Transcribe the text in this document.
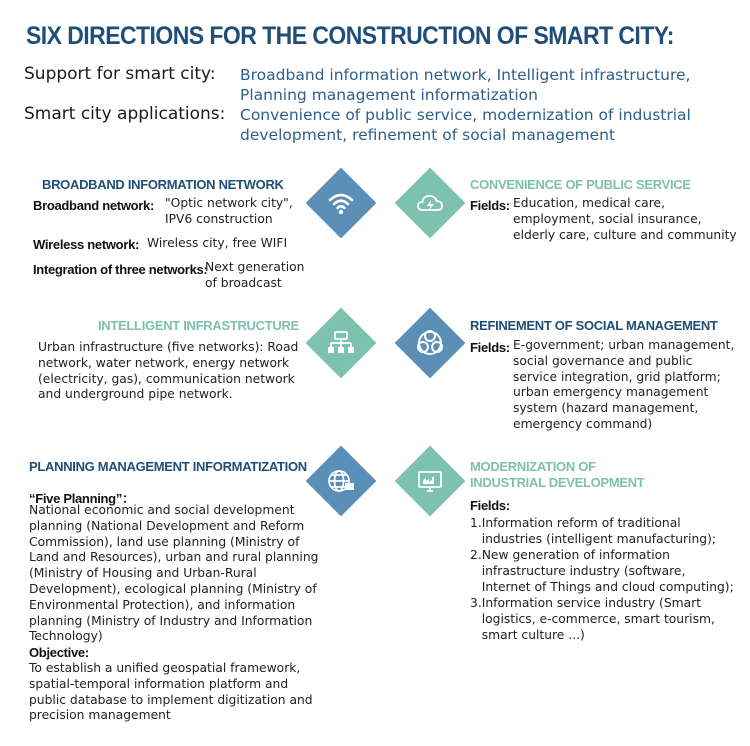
SIX DIRECTIONS FOR THE CONSTRUCTION OF SMART CITY:
Support for smart city: Broadband information network, Intelligent infrastructure,
Planning management informatization
Smart city applications: Convenience of public service, modernization of industrial
development, refinement of social management
BROADBAND INFORMATION NETWORK
Broadband network: "Optic network city",
IPV6 construction
Wireless network: Wireless city, free WIFI
Integration of three networks:
Next generation
of broadcast
CONVENIENCE OF PUBLIC SERVICE
Fields: Education, medical care,
employment, social insurance,
elderly care, culture and community
INTELLIGENT INFRASTRUCTURE
Urban infrastructure (five networks): Road
network, water network, energy network
(electricity, gas), communication network
and underground pipe network.
REFINEMENT OF SOCIAL MANAGEMENT
Fields: E-government; urban management,
social governance and public
service integration, grid platform;
urban emergency management
system (hazard management,
emergency command)
PLANNING MANAGEMENT INFORMATIZATION
“Five Planning”：
National economic and social development
planning (National Development and Reform
Commission), land use planning (Ministry of
Land and Resources), urban and rural planning
(Ministry of Housing and Urban-Rural
Development), ecological planning (Ministry of
Environmental Protection), and information
planning (Ministry of Industry and Information
Technology)
Objective:
To establish a unified geospatial framework,
spatial-temporal information platform and
public database to implement digitization and
precision management
MODERNIZATION OF
INDUSTRIAL DEVELOPMENT
Fields:
1.Information reform of traditional
industries (intelligent manufacturing);
2.New generation of information
infrastructure industry (software,
Internet of Things and cloud computing);
3.Information service industry (Smart
logistics, e-commerce, smart tourism,
smart culture ...)
